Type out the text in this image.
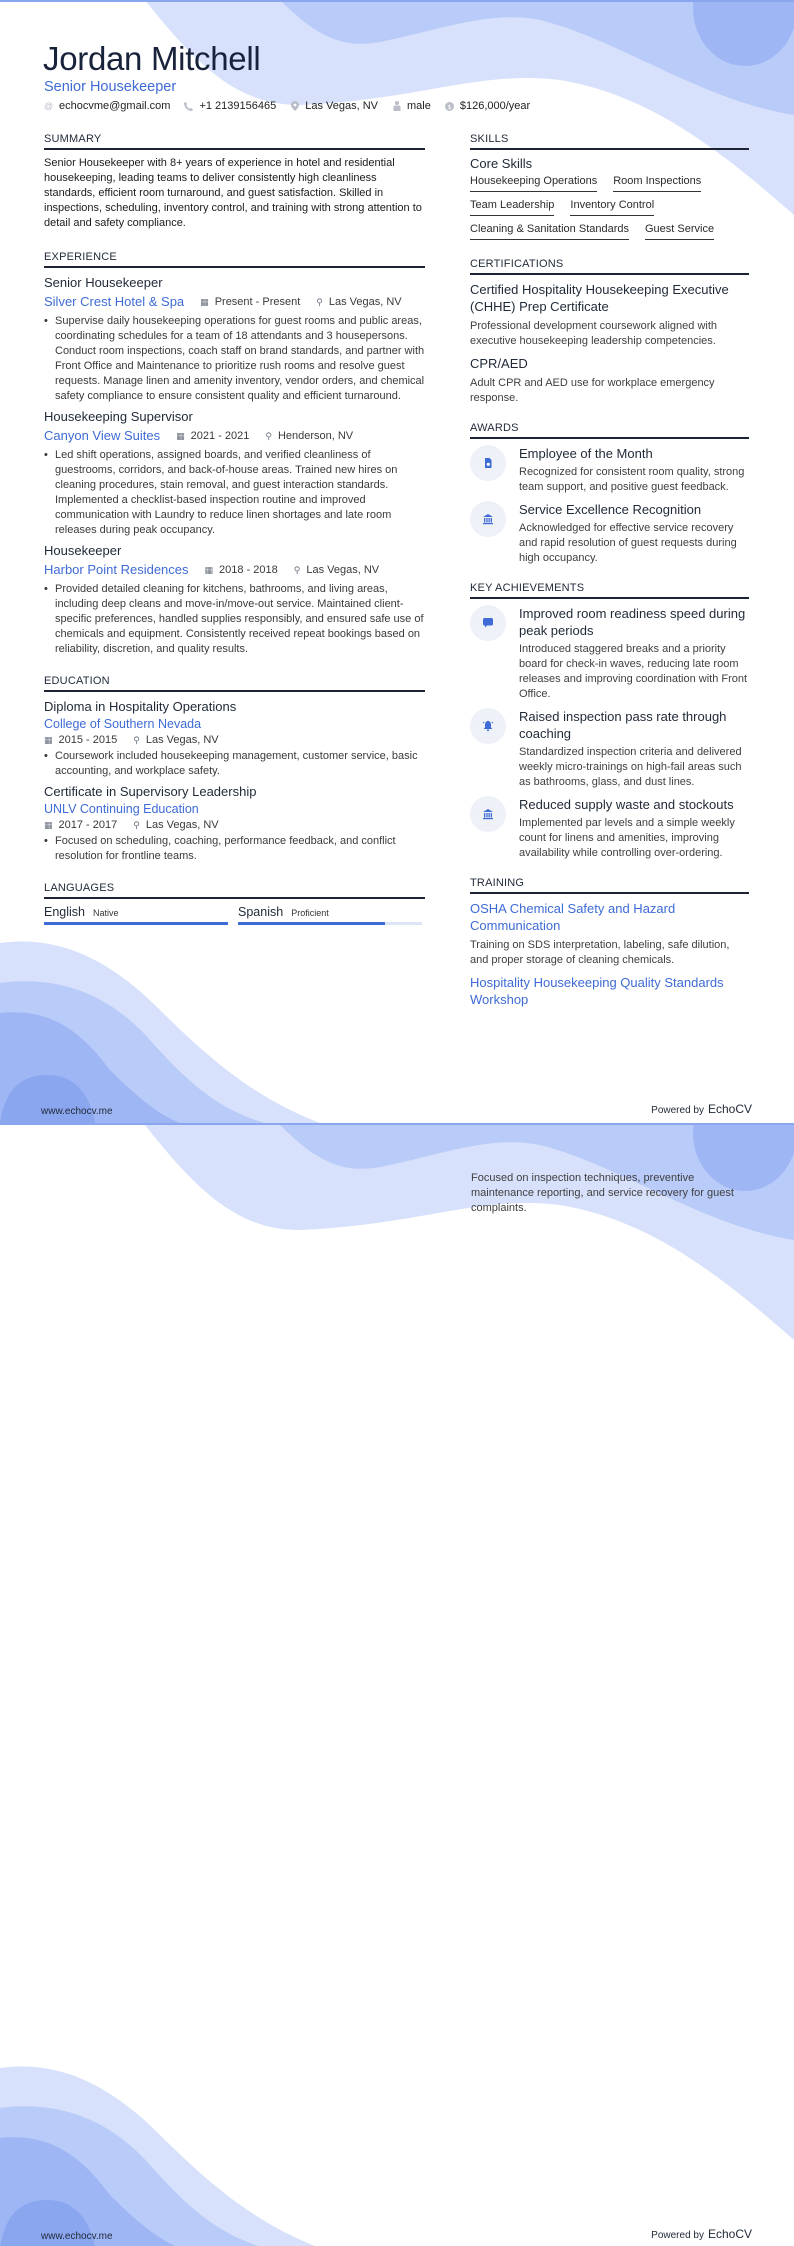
Jordan Mitchell
Senior Housekeeper
@ echocvme@gmail.com	+1 2139156465	Las Vegas, NV	male $ $126,000/year
SUMMARY
Senior Housekeeper with 8+ years of experience in hotel and residential housekeeping, leading teams to deliver consistently high cleanliness standards, efficient room turnaround, and guest satisfaction. Skilled in inspections, scheduling, inventory control, and training with strong attention to detail and safety compliance.
EXPERIENCE
Senior Housekeeper
Silver Crest Hotel & Spa ▦ Present - Present ⚲ Las Vegas, NV
• Supervise daily housekeeping operations for guest rooms and public areas, coordinating schedules for a team of 18 attendants and 3 housepersons. Conduct room inspections, coach staff on brand standards, and partner with Front Office and Maintenance to prioritize rush rooms and resolve guest requests. Manage linen and amenity inventory, vendor orders, and chemical safety compliance to ensure consistent quality and efficient turnaround.
Housekeeping Supervisor
Canyon View Suites ▦ 2021 - 2021 ⚲ Henderson, NV
• Led shift operations, assigned boards, and verified cleanliness of guestrooms, corridors, and back-of-house areas. Trained new hires on cleaning procedures, stain removal, and guest interaction standards. Implemented a checklist-based inspection routine and improved communication with Laundry to reduce linen shortages and late room releases during peak occupancy.
Housekeeper
Harbor Point Residences ▦ 2018 - 2018 ⚲ Las Vegas, NV
• Provided detailed cleaning for kitchens, bathrooms, and living areas, including deep cleans and move-in/move-out service. Maintained client-specific preferences, handled supplies responsibly, and ensured safe use of chemicals and equipment. Consistently received repeat bookings based on reliability, discretion, and quality results.
EDUCATION
Diploma in Hospitality Operations
College of Southern Nevada
▦ 2015 - 2015 ⚲ Las Vegas, NV
• Coursework included housekeeping management, customer service, basic accounting, and workplace safety.
Certificate in Supervisory Leadership
UNLV Continuing Education
▦ 2017 - 2017 ⚲ Las Vegas, NV
• Focused on scheduling, coaching, performance feedback, and conflict resolution for frontline teams.
LANGUAGES
English Native	Spanish Proficient
SKILLS
Core Skills
Housekeeping Operations Room Inspections
Team Leadership Inventory Control
Cleaning & Sanitation Standards Guest Service
CERTIFICATIONS
Certified Hospitality Housekeeping Executive (CHHE) Prep Certificate
Professional development coursework aligned with executive housekeeping leadership competencies.
CPR/AED
Adult CPR and AED use for workplace emergency response.
AWARDS
Employee of the Month
Recognized for consistent room quality, strong team support, and positive guest feedback.
Service Excellence Recognition
Acknowledged for effective service recovery and rapid resolution of guest requests during high occupancy.
KEY ACHIEVEMENTS
Improved room readiness speed during peak periods
Introduced staggered breaks and a priority board for check-in waves, reducing late room releases and improving coordination with Front Office.
Raised inspection pass rate through coaching
Standardized inspection criteria and delivered weekly micro-trainings on high-fail areas such as bathrooms, glass, and dust lines.
Reduced supply waste and stockouts
Implemented par levels and a simple weekly count for linens and amenities, improving availability while controlling over-ordering.
TRAINING
OSHA Chemical Safety and Hazard Communication
Training on SDS interpretation, labeling, safe dilution, and proper storage of cleaning chemicals.
Hospitality Housekeeping Quality Standards Workshop
www.echocv.me	Powered by EchoCV
Focused on inspection techniques, preventive maintenance reporting, and service recovery for guest complaints.
www.echocv.me	Powered by EchoCV
